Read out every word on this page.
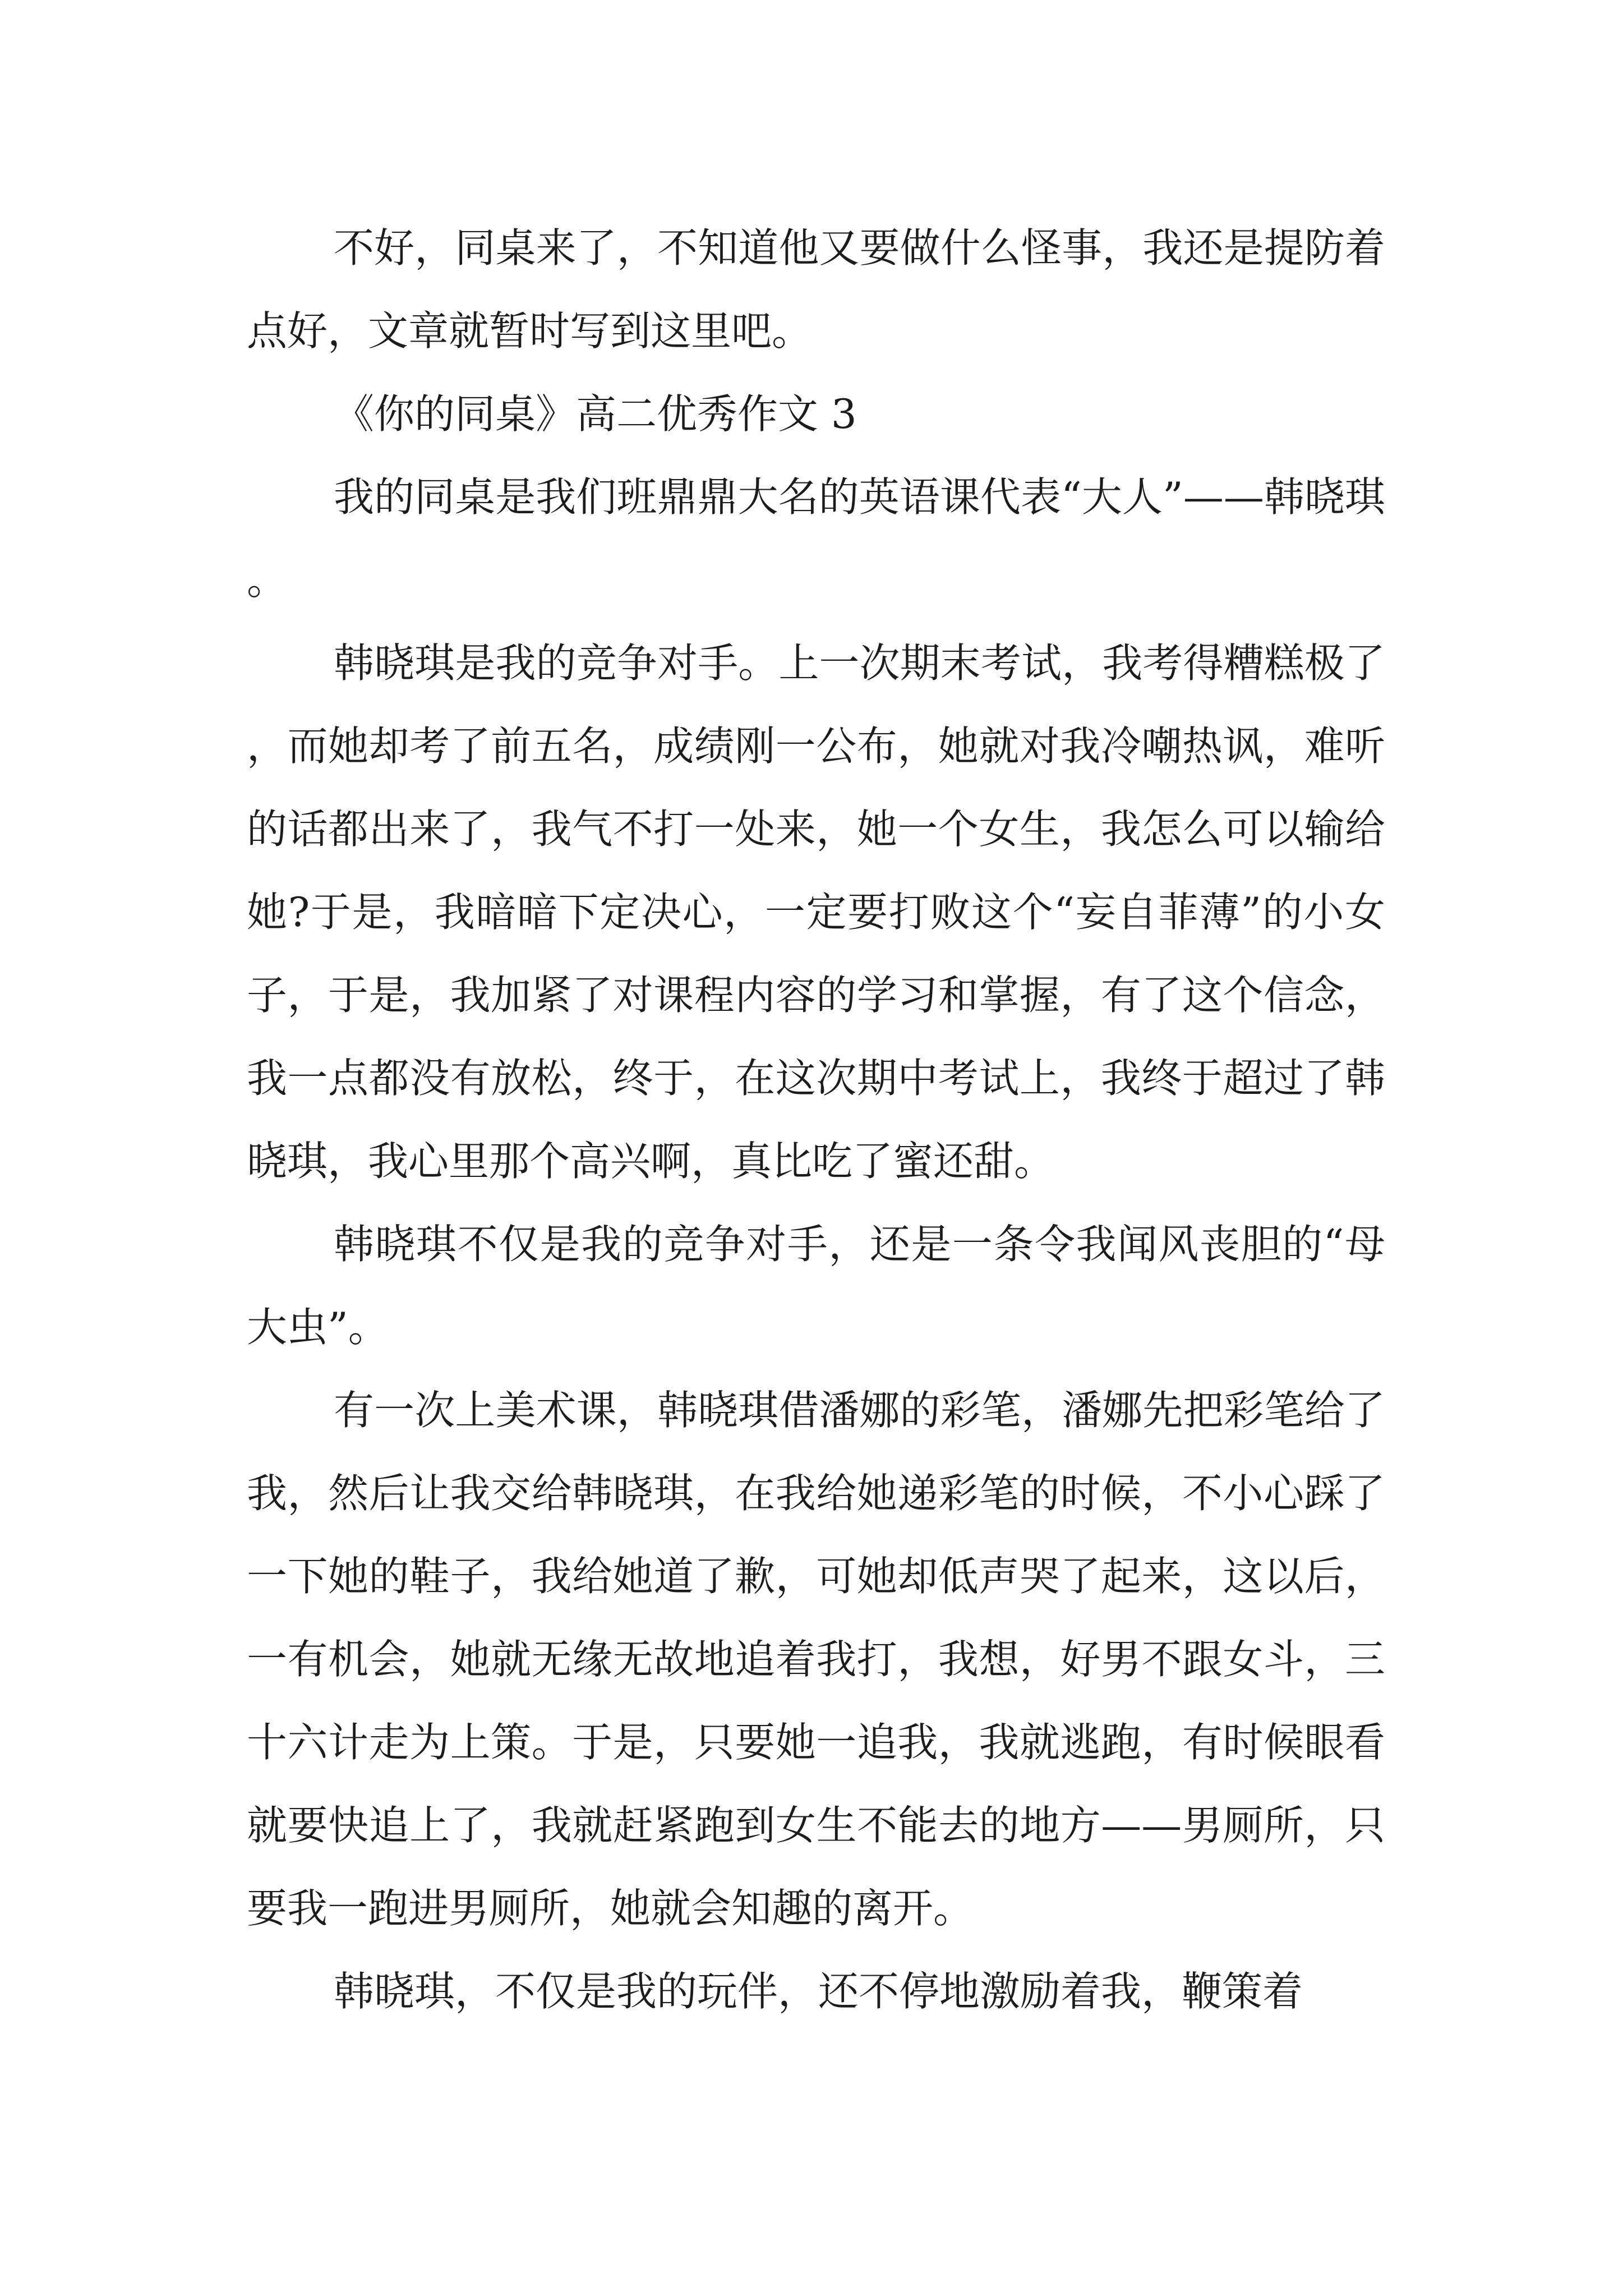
不好，同桌来了，不知道他又要做什么怪事，我还是提防着点好，文章就暂时写到这里吧。

《你的同桌》高二优秀作文 3

我的同桌是我们班鼎鼎大名的英语课代表“大人”——韩晓琪。

韩晓琪是我的竞争对手。上一次期末考试，我考得糟糕极了，而她却考了前五名，成绩刚一公布，她就对我冷嘲热讽，难听的话都出来了，我气不打一处来，她一个女生，我怎么可以输给她?于是，我暗暗下定决心，一定要打败这个“妄自菲薄”的小女子，于是，我加紧了对课程内容的学习和掌握，有了这个信念，我一点都没有放松，终于，在这次期中考试上，我终于超过了韩晓琪，我心里那个高兴啊，真比吃了蜜还甜。

韩晓琪不仅是我的竞争对手，还是一条令我闻风丧胆的“母大虫”。

有一次上美术课，韩晓琪借潘娜的彩笔，潘娜先把彩笔给了我，然后让我交给韩晓琪，在我给她递彩笔的时候，不小心踩了一下她的鞋子，我给她道了歉，可她却低声哭了起来，这以后，一有机会，她就无缘无故地追着我打，我想，好男不跟女斗，三十六计走为上策。于是，只要她一追我，我就逃跑，有时候眼看就要快追上了，我就赶紧跑到女生不能去的地方——男厕所，只要我一跑进男厕所，她就会知趣的离开。

韩晓琪，不仅是我的玩伴，还不停地激励着我，鞭策着
